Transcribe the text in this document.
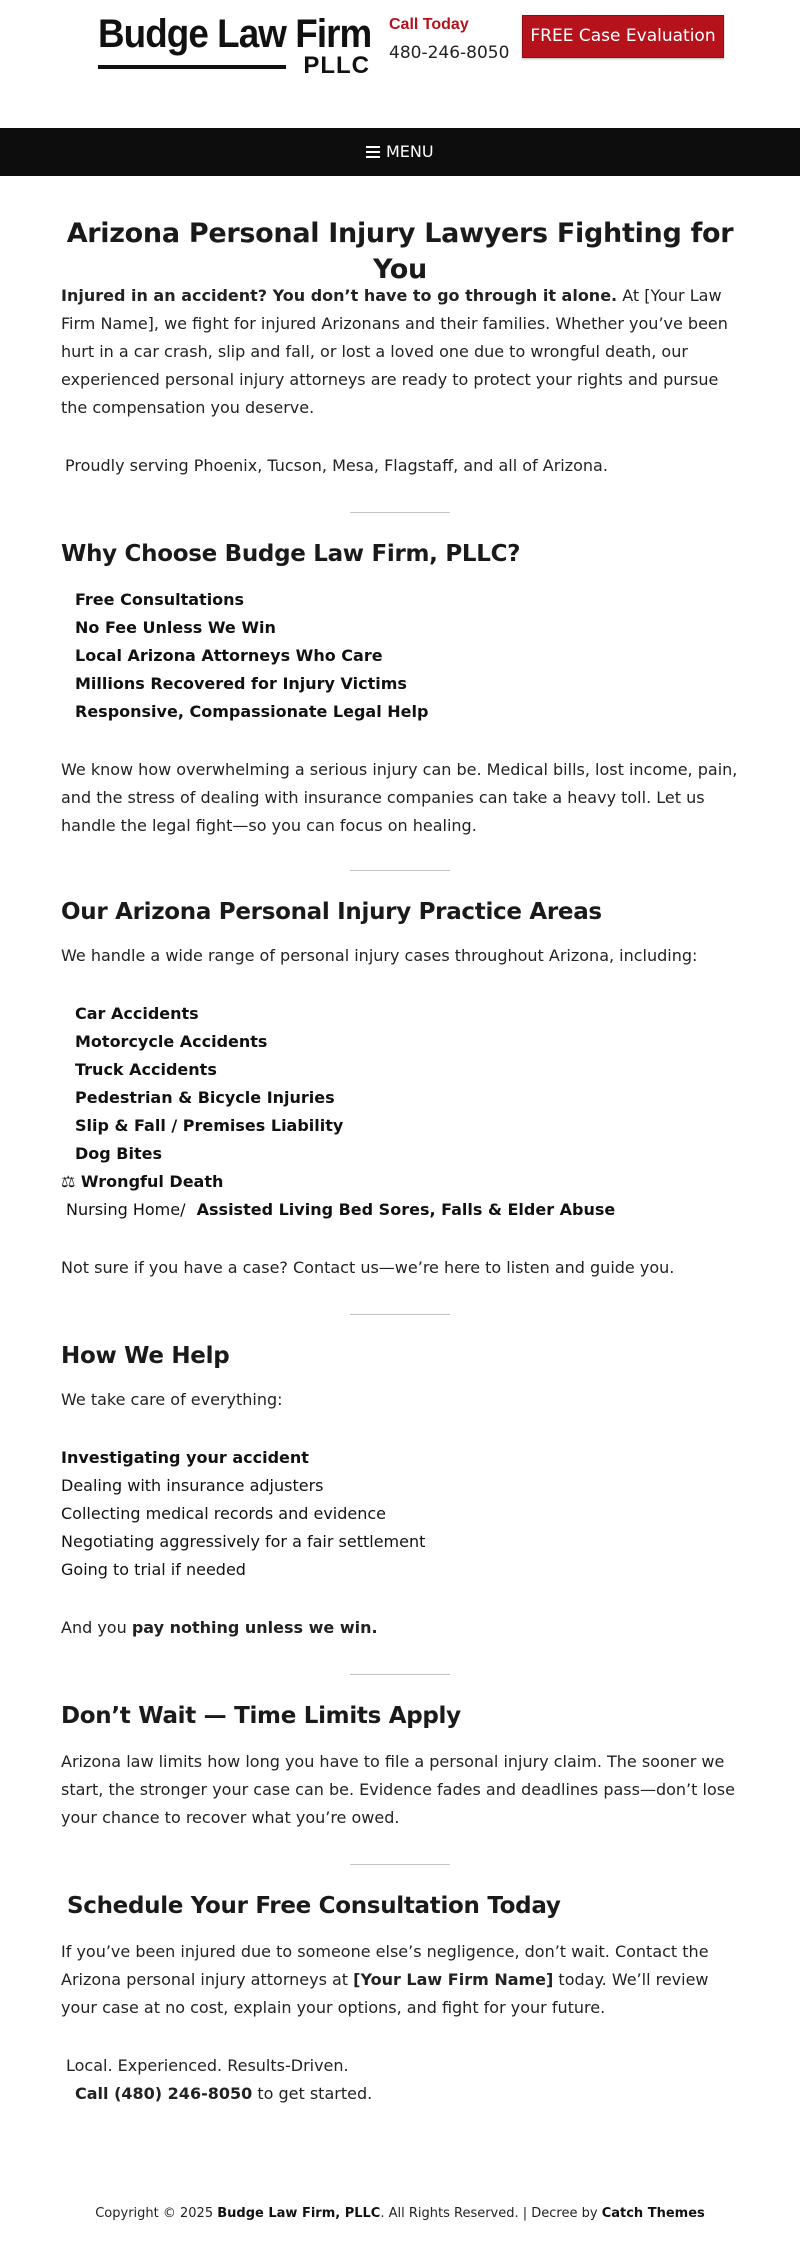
Budge Law Firm
PLLC
Call Today
480-246-8050
FREE Case Evaluation
MENU
Arizona Personal Injury Lawyers Fighting for You
Injured in an accident? You don’t have to go through it alone. At [Your Law Firm Name], we fight for injured Arizonans and their families. Whether you’ve been hurt in a car crash, slip and fall, or lost a loved one due to wrongful death, our experienced personal injury attorneys are ready to protect your rights and pursue the compensation you deserve.
Proudly serving Phoenix, Tucson, Mesa, Flagstaff, and all of Arizona.
Why Choose Budge Law Firm, PLLC?
Free Consultations
No Fee Unless We Win
Local Arizona Attorneys Who Care
Millions Recovered for Injury Victims
Responsive, Compassionate Legal Help
We know how overwhelming a serious injury can be. Medical bills, lost income, pain, and the stress of dealing with insurance companies can take a heavy toll. Let us handle the legal fight—so you can focus on healing.
Our Arizona Personal Injury Practice Areas
We handle a wide range of personal injury cases throughout Arizona, including:
Car Accidents
Motorcycle Accidents
Truck Accidents
Pedestrian & Bicycle Injuries
Slip & Fall / Premises Liability
Dog Bites
⚖ Wrongful Death
Nursing Home/ Assisted Living Bed Sores, Falls & Elder Abuse
Not sure if you have a case? Contact us—we’re here to listen and guide you.
How We Help
We take care of everything:
Investigating your accident
Dealing with insurance adjusters
Collecting medical records and evidence
Negotiating aggressively for a fair settlement
Going to trial if needed
And you pay nothing unless we win.
Don’t Wait — Time Limits Apply
Arizona law limits how long you have to file a personal injury claim. The sooner we start, the stronger your case can be. Evidence fades and deadlines pass—don’t lose your chance to recover what you’re owed.
Schedule Your Free Consultation Today
If you’ve been injured due to someone else’s negligence, don’t wait. Contact the Arizona personal injury attorneys at [Your Law Firm Name] today. We’ll review your case at no cost, explain your options, and fight for your future.
Local. Experienced. Results-Driven.
Call (480) 246-8050 to get started.
Copyright © 2025 Budge Law Firm, PLLC. All Rights Reserved. | Decree by Catch Themes
